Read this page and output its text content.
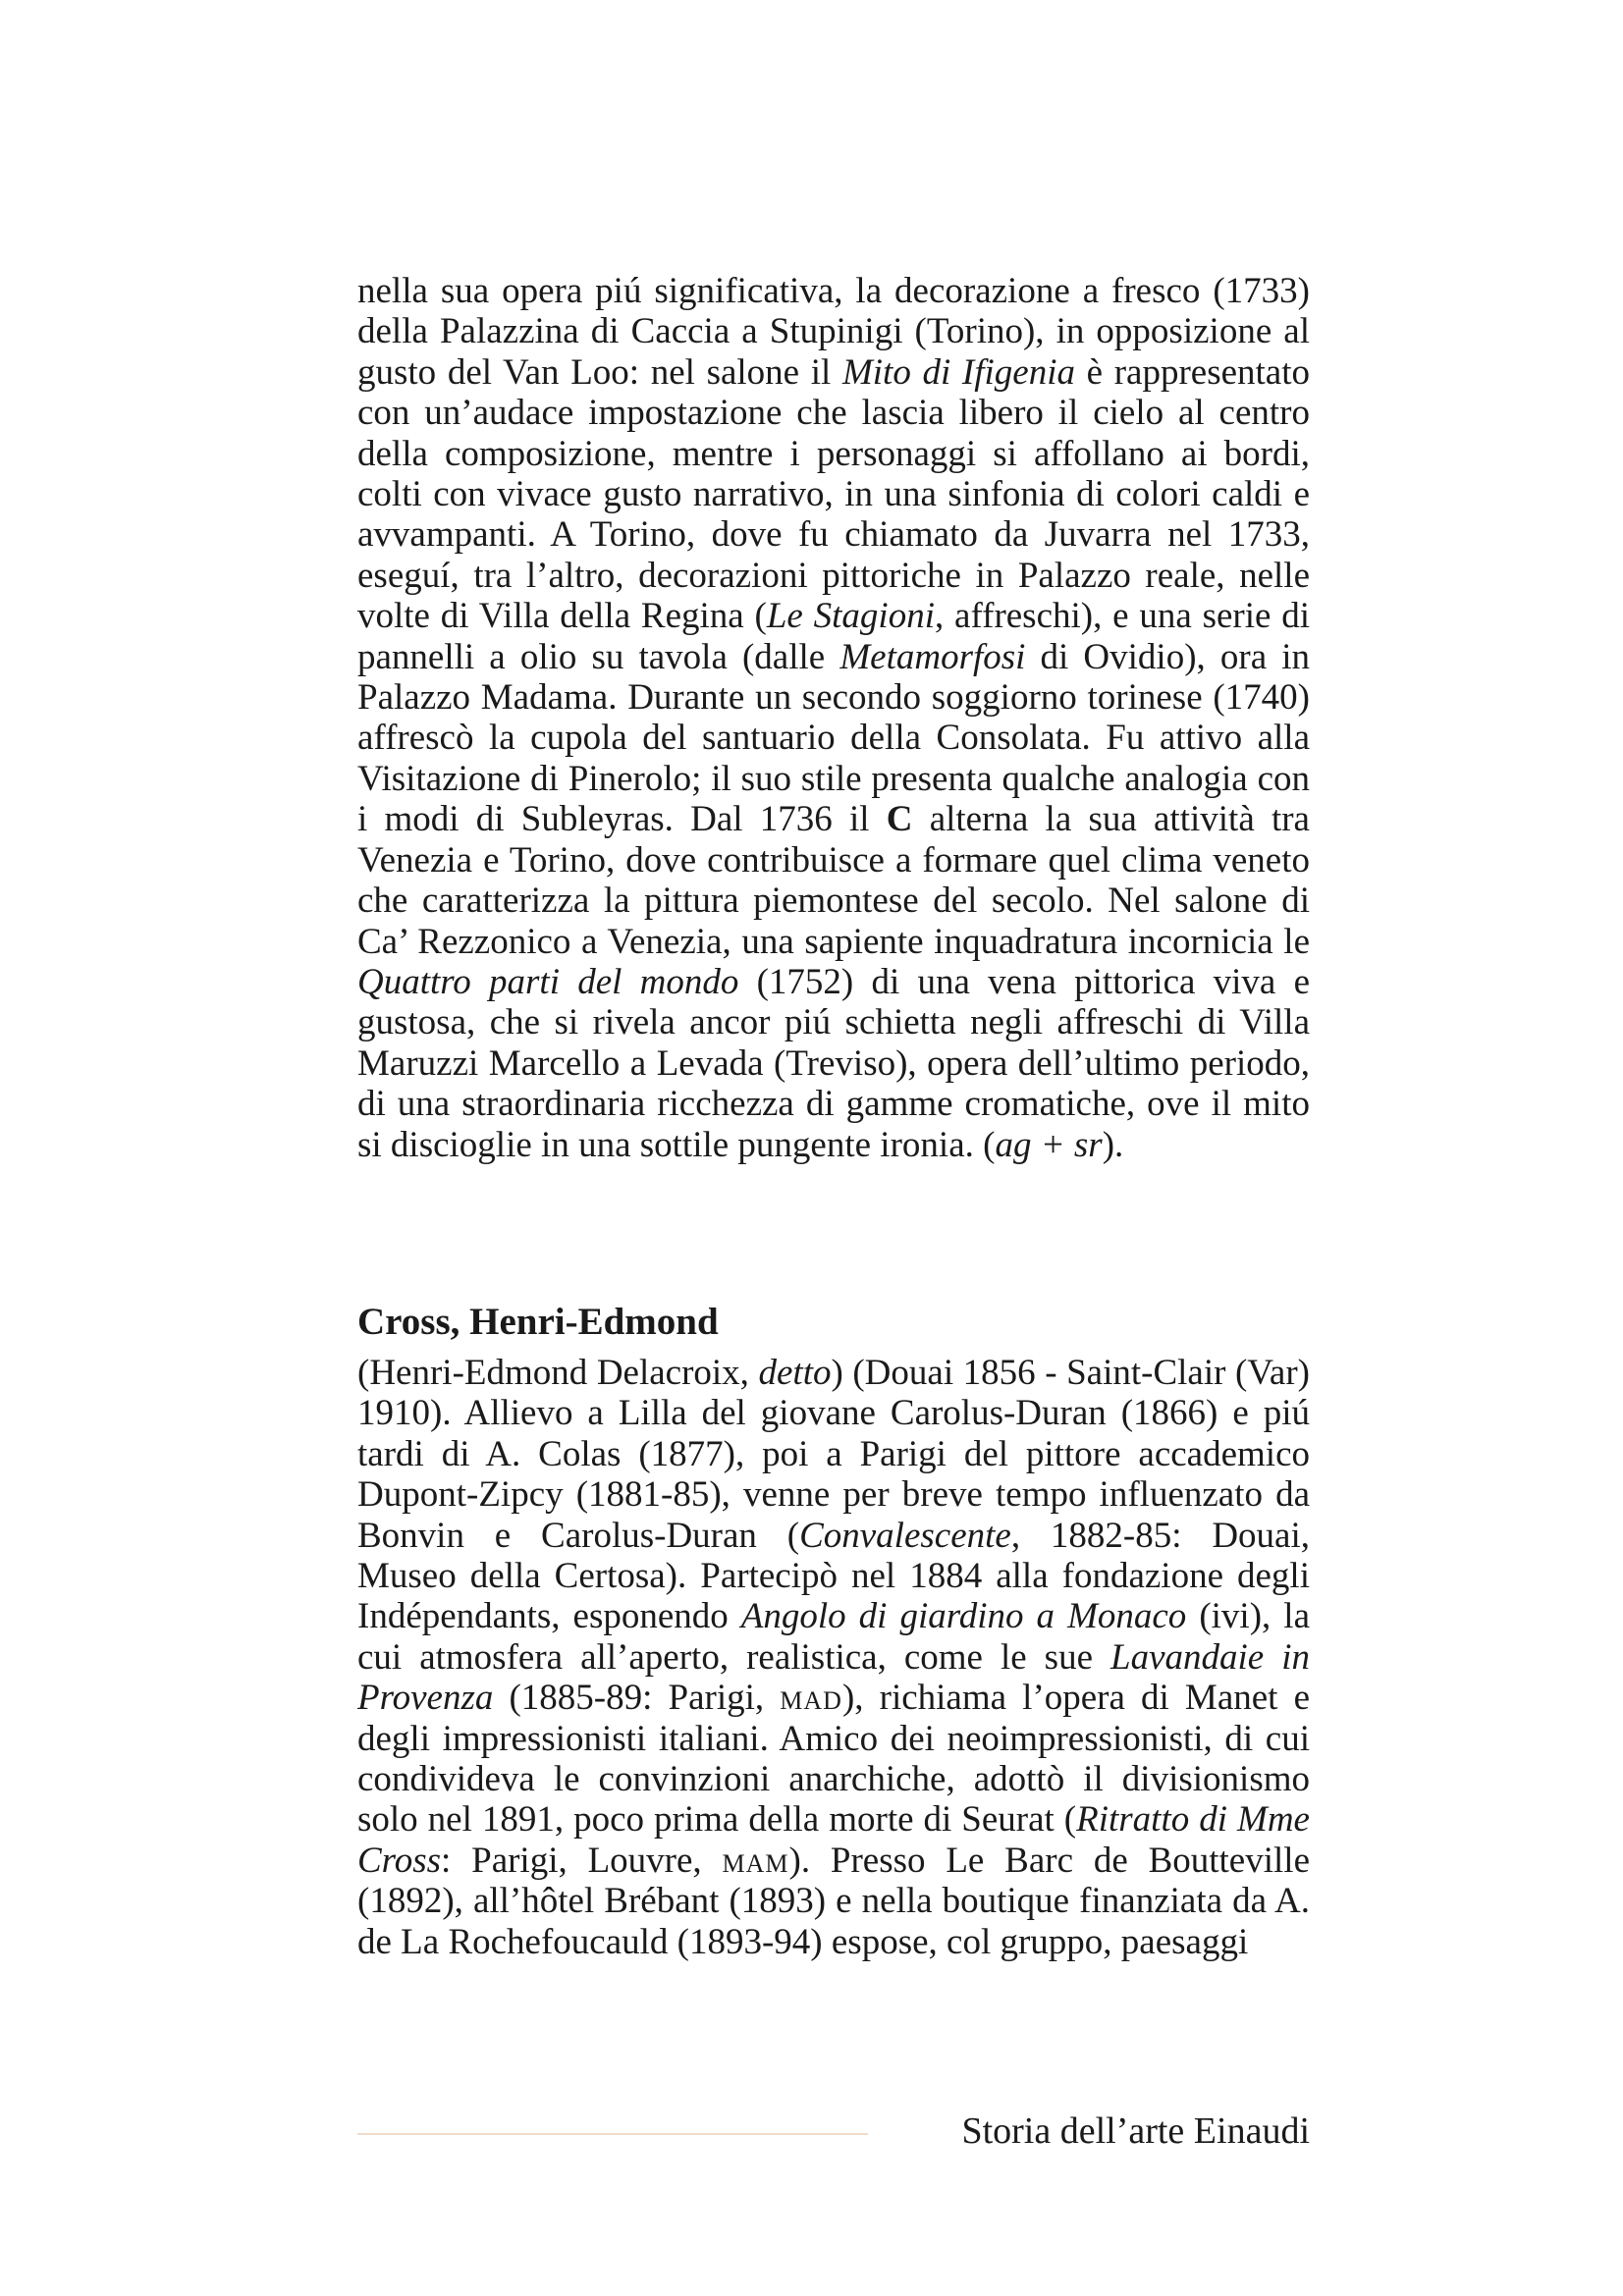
nella sua opera piú significativa, la decorazione a fresco (1733) della Palazzina di Caccia a Stupinigi (Torino), in opposizione al gusto del Van Loo: nel salone il Mito di Ifigenia è rappresentato con un’audace impostazione che lascia libero il cielo al centro della composizione, mentre i personaggi si affollano ai bordi, colti con vivace gusto narrativo, in una sinfonia di colori caldi e avvampanti. A Torino, dove fu chiamato da Juvarra nel 1733, eseguí, tra l’altro, decorazioni pittoriche in Palazzo reale, nelle volte di Villa della Regina (Le Stagioni, affreschi), e una serie di pannelli a olio su tavola (dalle Metamorfosi di Ovidio), ora in Palazzo Madama. Durante un secondo soggiorno torinese (1740) affrescò la cupola del santuario della Consolata. Fu attivo alla Visitazione di Pinerolo; il suo stile presenta qualche analogia con i modi di Subleyras. Dal 1736 il C alterna la sua attività tra Venezia e Torino, dove contribuisce a formare quel clima veneto che caratterizza la pittura piemontese del secolo. Nel salone di Ca’ Rezzonico a Venezia, una sapiente inquadratura incornicia le Quattro parti del mondo (1752) di una vena pittorica viva e gustosa, che si rivela ancor piú schietta negli affreschi di Villa Maruzzi Marcello a Levada (Treviso), opera dell’ultimo periodo, di una straordinaria ricchezza di gamme cromatiche, ove il mito si discioglie in una sottile pungente ironia. (ag + sr).

Cross, Henri-Edmond

(Henri-Edmond Delacroix, detto) (Douai 1856 - Saint-Clair (Var) 1910). Allievo a Lilla del giovane Carolus-Duran (1866) e piú tardi di A. Colas (1877), poi a Parigi del pittore accademico Dupont-Zipcy (1881-85), venne per breve tempo influenzato da Bonvin e Carolus-Duran (Convalescente, 1882-85: Douai, Museo della Certosa). Partecipò nel 1884 alla fondazione degli Indépendants, esponendo Angolo di giardino a Monaco (ivi), la cui atmosfera all’aperto, realistica, come le sue Lavandaie in Provenza (1885-89: Parigi, mad), richiama l’opera di Manet e degli impressionisti italiani. Amico dei neoimpressionisti, di cui condivideva le convinzioni anarchiche, adottò il divisionismo solo nel 1891, poco prima della morte di Seurat (Ritratto di Mme Cross: Parigi, Louvre, mam). Presso Le Barc de Boutteville (1892), all’hôtel Brébant (1893) e nella boutique finanziata da A. de La Rochefoucauld (1893-94) espose, col gruppo, paesaggi

Storia dell’arte Einaudi
